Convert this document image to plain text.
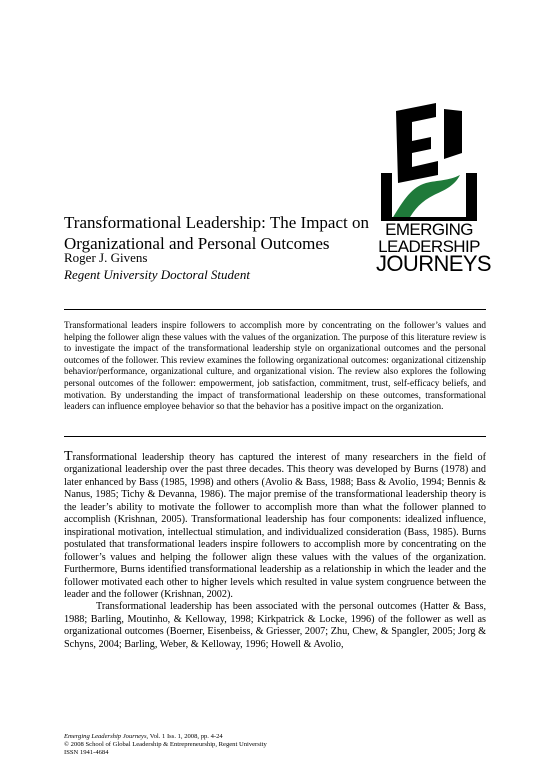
EMERGING
LEADERSHIP
JOURNEYS
Transformational Leadership: The Impact on Organizational and Personal Outcomes
Roger J. Givens
Regent University Doctoral Student
Transformational leaders inspire followers to accomplish more by concentrating on the follower’s values and helping the follower align these values with the values of the organization. The purpose of this literature review is to investigate the impact of the transformational leadership style on organizational outcomes and the personal outcomes of the follower. This review examines the following organizational outcomes: organizational citizenship behavior/performance, organizational culture, and organizational vision. The review also explores the following personal outcomes of the follower: empowerment, job satisfaction, commitment, trust, self-efficacy beliefs, and motivation. By understanding the impact of transformational leadership on these outcomes, transformational leaders can influence employee behavior so that the behavior has a positive impact on the organization.

Transformational leadership theory has captured the interest of many researchers in the field of organizational leadership over the past three decades. This theory was developed by Burns (1978) and later enhanced by Bass (1985, 1998) and others (Avolio & Bass, 1988; Bass & Avolio, 1994; Bennis & Nanus, 1985; Tichy & Devanna, 1986). The major premise of the transformational leadership theory is the leader’s ability to motivate the follower to accomplish more than what the follower planned to accomplish (Krishnan, 2005). Transformational leadership has four components: idealized influence, inspirational motivation, intellectual stimulation, and individualized consideration (Bass, 1985). Burns postulated that transformational leaders inspire followers to accomplish more by concentrating on the follower’s values and helping the follower align these values with the values of the organization. Furthermore, Burns identified transformational leadership as a relationship in which the leader and the follower motivated each other to higher levels which resulted in value system congruence between the leader and the follower (Krishnan, 2002).

Transformational leadership has been associated with the personal outcomes (Hatter & Bass, 1988; Barling, Moutinho, & Kelloway, 1998; Kirkpatrick & Locke, 1996) of the follower as well as organizational outcomes (Boerner, Eisenbeiss, & Griesser, 2007; Zhu, Chew, & Spangler, 2005; Jorg & Schyns, 2004; Barling, Weber, & Kelloway, 1996; Howell & Avolio,

Emerging Leadership Journeys, Vol. 1 Iss. 1, 2008, pp. 4-24
© 2008 School of Global Leadership & Entrepreneurship, Regent University
ISSN 1941-4684
